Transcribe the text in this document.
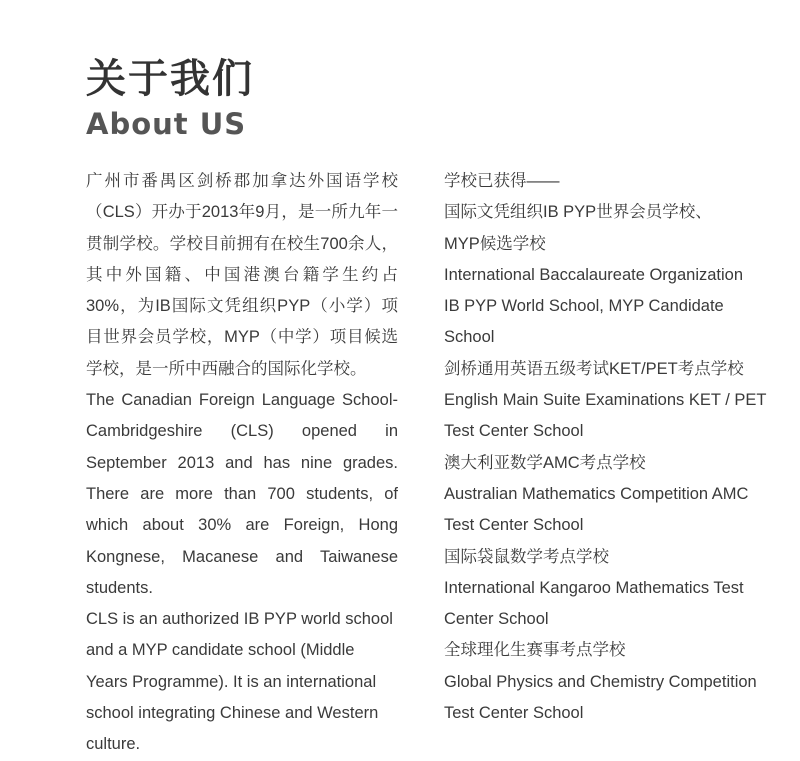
关于我们
About US

广州市番禺区剑桥郡加拿达外国语学校（CLS）开办于2013年9月，是一所九年一贯制学校。学校目前拥有在校生700余人，其中外国籍、中国港澳台籍学生约占30%，为IB国际文凭组织PYP（小学）项目世界会员学校，MYP（中学）项目候选学校，是一所中西融合的国际化学校。

The Canadian Foreign Language School-Cambridgeshire (CLS) opened in September 2013 and has nine grades. There are more than 700 students, of which about 30% are Foreign, Hong Kongnese, Macanese and Taiwanese students.

CLS is an authorized IB PYP world school and a MYP candidate school (Middle Years Programme). It is an international school integrating Chinese and Western culture.

学校已获得——
国际文凭组织IB PYP世界会员学校、
MYP候选学校
International Baccalaureate Organization
IB PYP World School, MYP Candidate
School
剑桥通用英语五级考试KET/PET考点学校
English Main Suite Examinations KET / PET
Test Center School
澳大利亚数学AMC考点学校
Australian Mathematics Competition AMC
Test Center School
国际袋鼠数学考点学校
International Kangaroo Mathematics Test
Center School
全球理化生赛事考点学校
Global Physics and Chemistry Competition
Test Center School
